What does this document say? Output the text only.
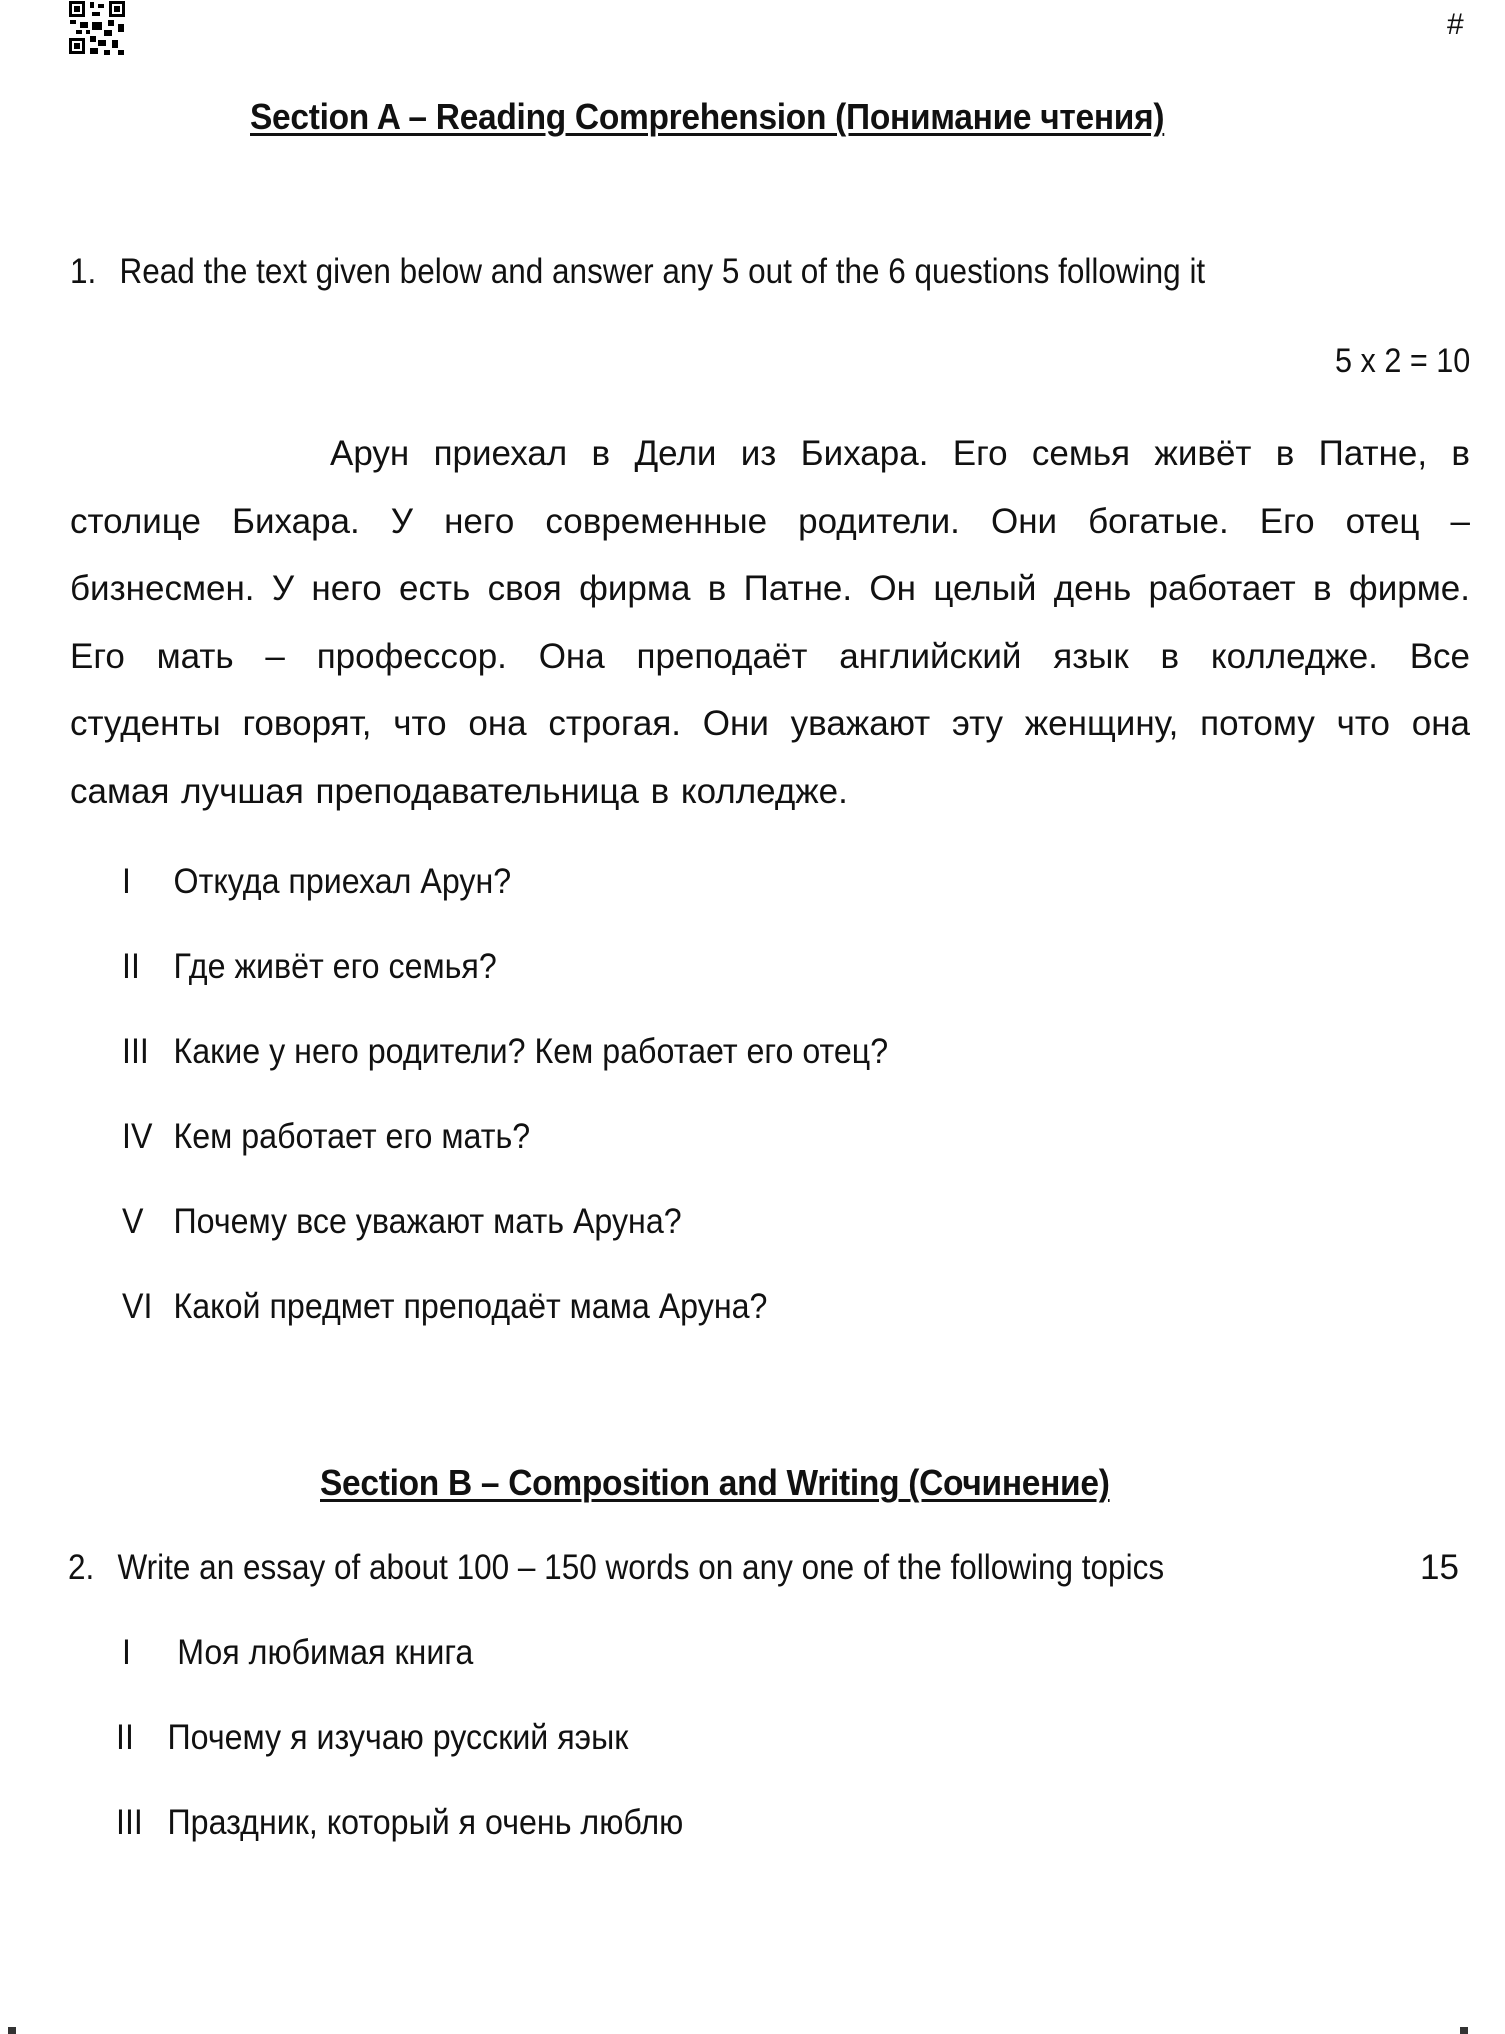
#
Section A – Reading Comprehension (Понимание чтения)
1. Read the text given below and answer any 5 out of the 6 questions following it
5 x 2 = 10
Арун приехал в Дели из Бихара. Его семья живёт в Патне, в
столице Бихара. У него современные родители. Они богатые. Его отец –
бизнесмен. У него есть своя фирма в Патне. Он целый день работает в фирме.
Его мать – профессор. Она преподаёт английский язык в колледже. Все
студенты говорят, что она строгая. Они уважают эту женщину, потому что она
самая лучшая преподавательница в колледже.
I Откуда приехал Арун?
II Где живёт его семья?
III Какие у него родители? Кем работает его отец?
IV Кем работает его мать?
V Почему все уважают мать Аруна?
VI Какой предмет преподаёт мама Аруна?
Section B – Composition and Writing (Сочинение)
2. Write an essay of about 100 – 150 words on any one of the following topics	15
I Моя любимая книга
II Почему я изучаю русский яэык
III Праздник, который я очень люблю
